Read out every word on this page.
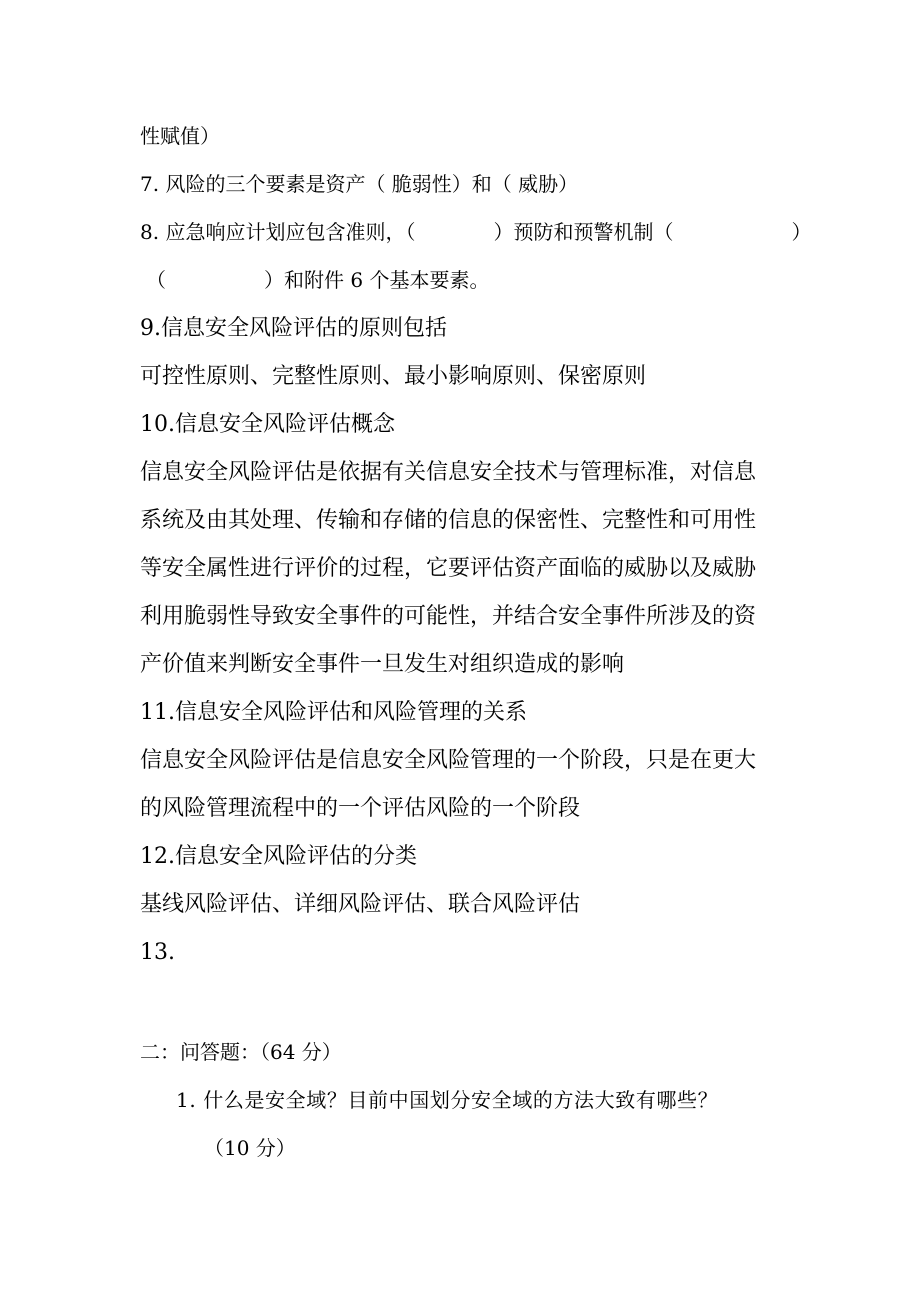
性赋值）
7. 风险的三个要素是资产（ 脆弱性）和（ 威胁）
8. 应急响应计划应包含准则，（	）预防和预警机制（	）
（	）和附件 6 个基本要素。
9.信息安全风险评估的原则包括
可控性原则、完整性原则、最小影响原则、保密原则
10.信息安全风险评估概念
信息安全风险评估是依据有关信息安全技术与管理标准，对信息
系统及由其处理、传输和存储的信息的保密性、完整性和可用性
等安全属性进行评价的过程，它要评估资产面临的威胁以及威胁
利用脆弱性导致安全事件的可能性，并结合安全事件所涉及的资
产价值来判断安全事件一旦发生对组织造成的影响
11.信息安全风险评估和风险管理的关系
信息安全风险评估是信息安全风险管理的一个阶段，只是在更大
的风险管理流程中的一个评估风险的一个阶段
12.信息安全风险评估的分类
基线风险评估、详细风险评估、联合风险评估
13.
二：问答题：（64 分）
1. 什么是安全域？目前中国划分安全域的方法大致有哪些？
（10 分）
